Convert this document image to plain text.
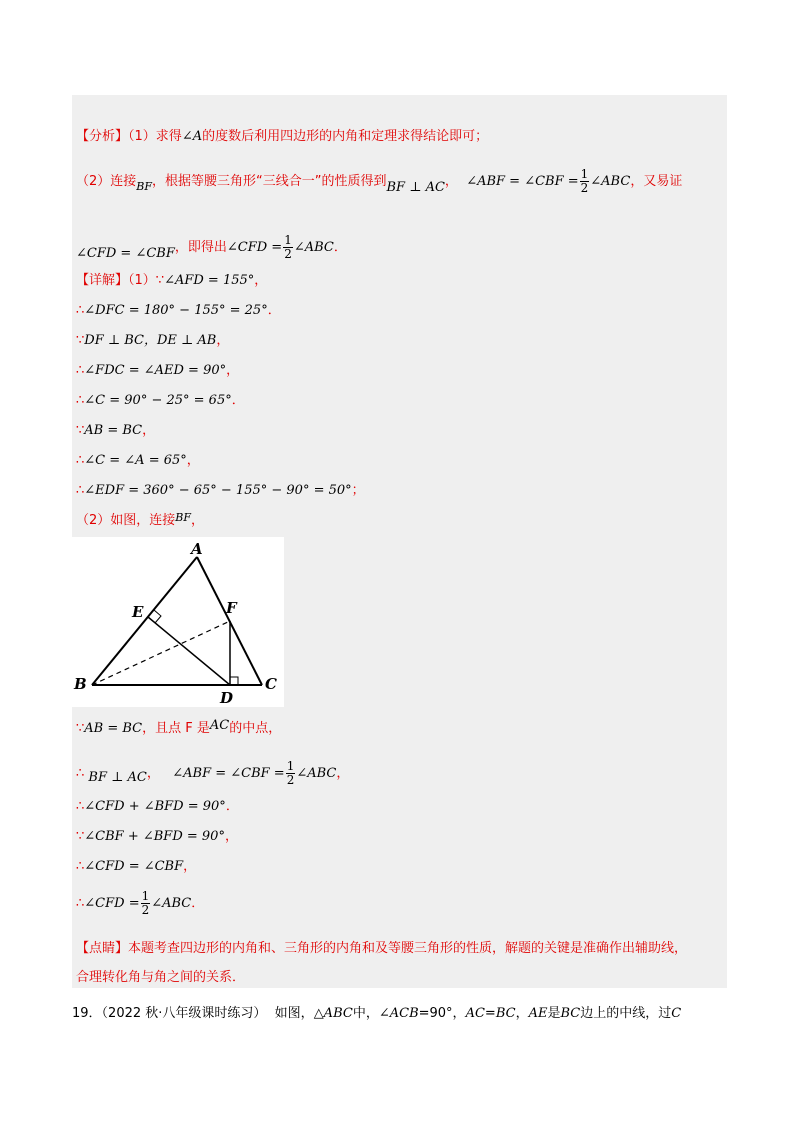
【分析】（1）求得∠A的度数后利用四边形的内角和定理求得结论即可；
（2）连接$_{BF}$，根据等腰三角形“三线合一”的性质得到BF ⊥ AC， ∠ABF = ∠CBF = $\frac{1}{2}$ ∠ABC，又易证
∠CFD = ∠CBF，即得出∠CFD = $\frac{1}{2}$ ∠ABC．
【详解】（1）∵∠AFD = 155°，
∴∠DFC = 180° − 155° = 25°．
∵DF ⊥ BC，DE ⊥ AB，
∴∠FDC = ∠AED = 90°，
∴∠C = 90° − 25° = 65°．
∵AB = BC，
∴∠C = ∠A = 65°，
∴∠EDF = 360° − 65° − 155° − 90° = 50°；
（2）如图，连接$^{BF}$，
A
B	C
D
E	F
∵AB = BC，且点 F 是AC的中点，
∴ BF ⊥ AC， ∠ABF = ∠CBF = $\frac{1}{2}$ ∠ABC，
∴∠CFD + ∠BFD = 90°．
∵∠CBF + ∠BFD = 90°，
∴∠CFD = ∠CBF，
∴∠CFD = $\frac{1}{2}$ ∠ABC．
【点睛】本题考查四边形的内角和、三角形的内角和及等腰三角形的性质，解题的关键是准确作出辅助线，
合理转化角与角之间的关系．
19．（2022 秋·八年级课时练习） 如图，△ABC中，∠ACB=90°，AC=BC，AE是BC边上的中线，过C
